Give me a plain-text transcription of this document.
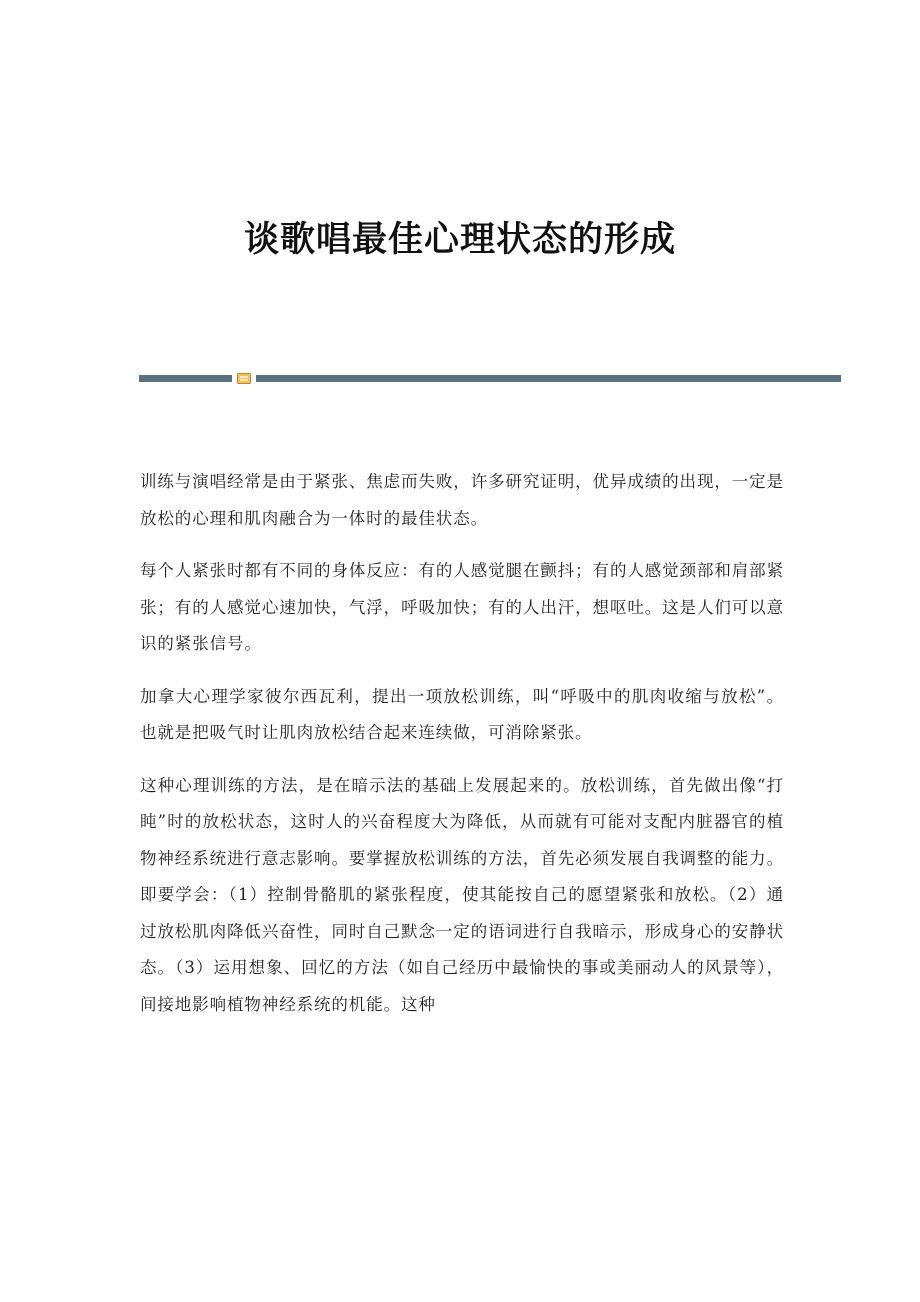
谈歌唱最佳心理状态的形成

训练与演唱经常是由于紧张、焦虑而失败，许多研究证明，优异成绩的出现，一定是放松的心理和肌肉融合为一体时的最佳状态。

每个人紧张时都有不同的身体反应：有的人感觉腿在颤抖；有的人感觉颈部和肩部紧张；有的人感觉心速加快，气浮，呼吸加快；有的人出汗，想呕吐。这是人们可以意识的紧张信号。

加拿大心理学家彼尔西瓦利，提出一项放松训练，叫“呼吸中的肌肉收缩与放松”。也就是把吸气时让肌肉放松结合起来连续做，可消除紧张。

这种心理训练的方法，是在暗示法的基础上发展起来的。放松训练，首先做出像“打盹”时的放松状态，这时人的兴奋程度大为降低，从而就有可能对支配内脏器官的植物神经系统进行意志影响。要掌握放松训练的方法，首先必须发展自我调整的能力。即要学会：（1）控制骨骼肌的紧张程度，使其能按自己的愿望紧张和放松。（2）通过放松肌肉降低兴奋性，同时自己默念一定的语词进行自我暗示，形成身心的安静状态。（3）运用想象、回忆的方法（如自己经历中最愉快的事或美丽动人的风景等），间接地影响植物神经系统的机能。这种
